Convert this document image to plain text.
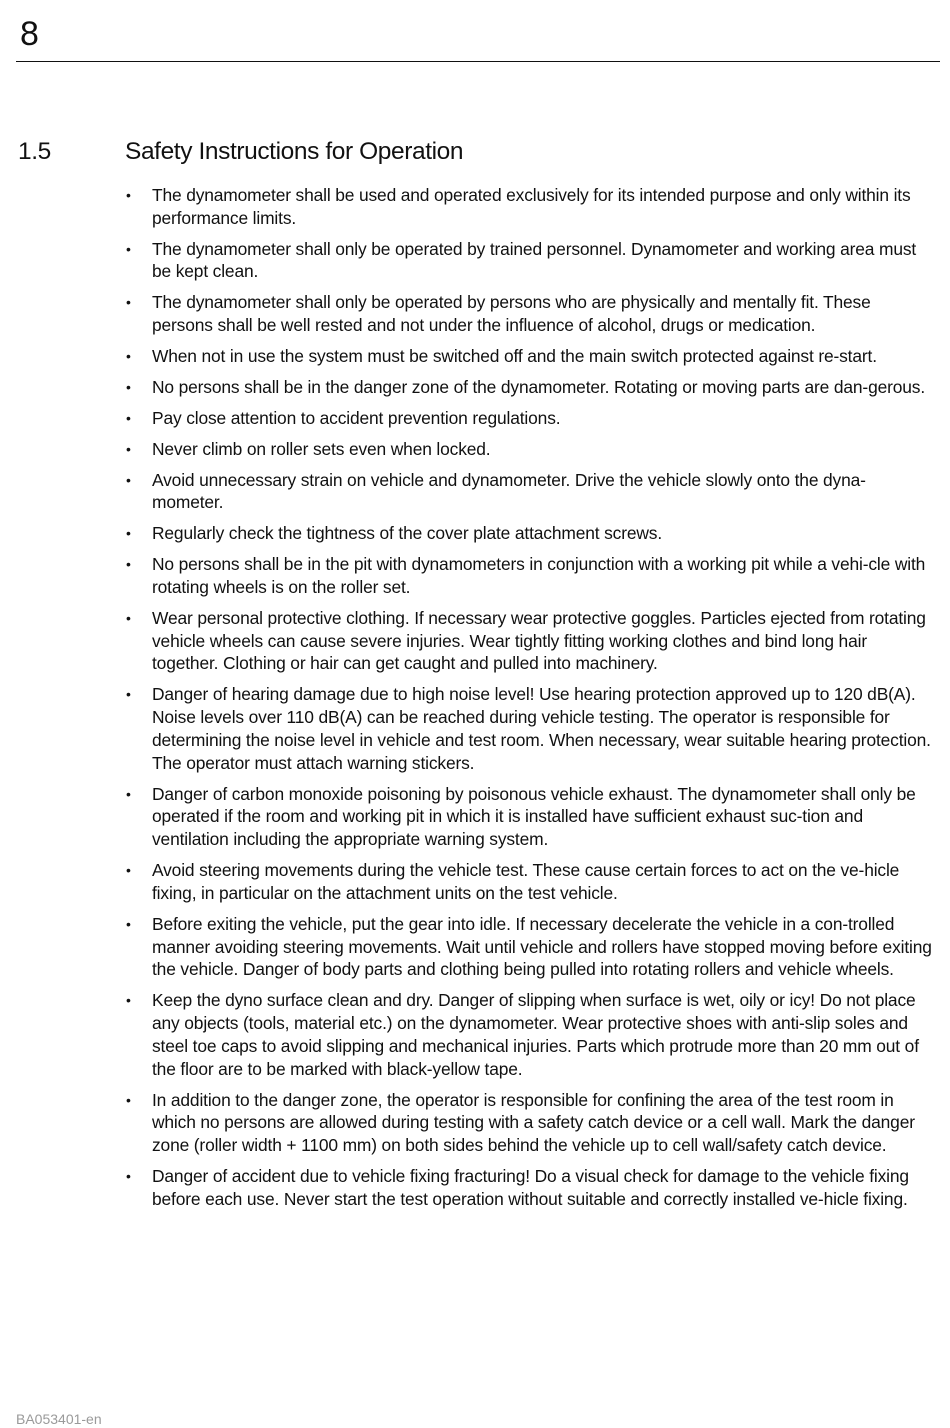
8
1.5	Safety Instructions for Operation
• The dynamometer shall be used and operated exclusively for its intended purpose and only within its performance limits.
• The dynamometer shall only be operated by trained personnel. Dynamometer and working area must be kept clean.
• The dynamometer shall only be operated by persons who are physically and mentally fit. These persons shall be well rested and not under the influence of alcohol, drugs or medication.
• When not in use the system must be switched off and the main switch protected against re-start.
• No persons shall be in the danger zone of the dynamometer. Rotating or moving parts are dan-gerous.
• Pay close attention to accident prevention regulations.
• Never climb on roller sets even when locked.
• Avoid unnecessary strain on vehicle and dynamometer. Drive the vehicle slowly onto the dyna-mometer.
• Regularly check the tightness of the cover plate attachment screws.
• No persons shall be in the pit with dynamometers in conjunction with a working pit while a vehi-cle with rotating wheels is on the roller set.
• Wear personal protective clothing. If necessary wear protective goggles. Particles ejected from rotating vehicle wheels can cause severe injuries. Wear tightly fitting working clothes and bind long hair together. Clothing or hair can get caught and pulled into machinery.
• Danger of hearing damage due to high noise level! Use hearing protection approved up to 120 dB(A). Noise levels over 110 dB(A) can be reached during vehicle testing. The operator is responsible for determining the noise level in vehicle and test room. When necessary, wear suitable hearing protection. The operator must attach warning stickers.
• Danger of carbon monoxide poisoning by poisonous vehicle exhaust. The dynamometer shall only be operated if the room and working pit in which it is installed have sufficient exhaust suc-tion and ventilation including the appropriate warning system.
• Avoid steering movements during the vehicle test. These cause certain forces to act on the ve-hicle fixing, in particular on the attachment units on the test vehicle.
• Before exiting the vehicle, put the gear into idle. If necessary decelerate the vehicle in a con-trolled manner avoiding steering movements. Wait until vehicle and rollers have stopped moving before exiting the vehicle. Danger of body parts and clothing being pulled into rotating rollers and vehicle wheels.
• Keep the dyno surface clean and dry. Danger of slipping when surface is wet, oily or icy! Do not place any objects (tools, material etc.) on the dynamometer. Wear protective shoes with anti-slip soles and steel toe caps to avoid slipping and mechanical injuries. Parts which protrude more than 20 mm out of the floor are to be marked with black-yellow tape.
• In addition to the danger zone, the operator is responsible for confining the area of the test room in which no persons are allowed during testing with a safety catch device or a cell wall. Mark the danger zone (roller width + 1100 mm) on both sides behind the vehicle up to cell wall/safety catch device.
• Danger of accident due to vehicle fixing fracturing! Do a visual check for damage to the vehicle fixing before each use. Never start the test operation without suitable and correctly installed ve-hicle fixing.
BA053401-en
